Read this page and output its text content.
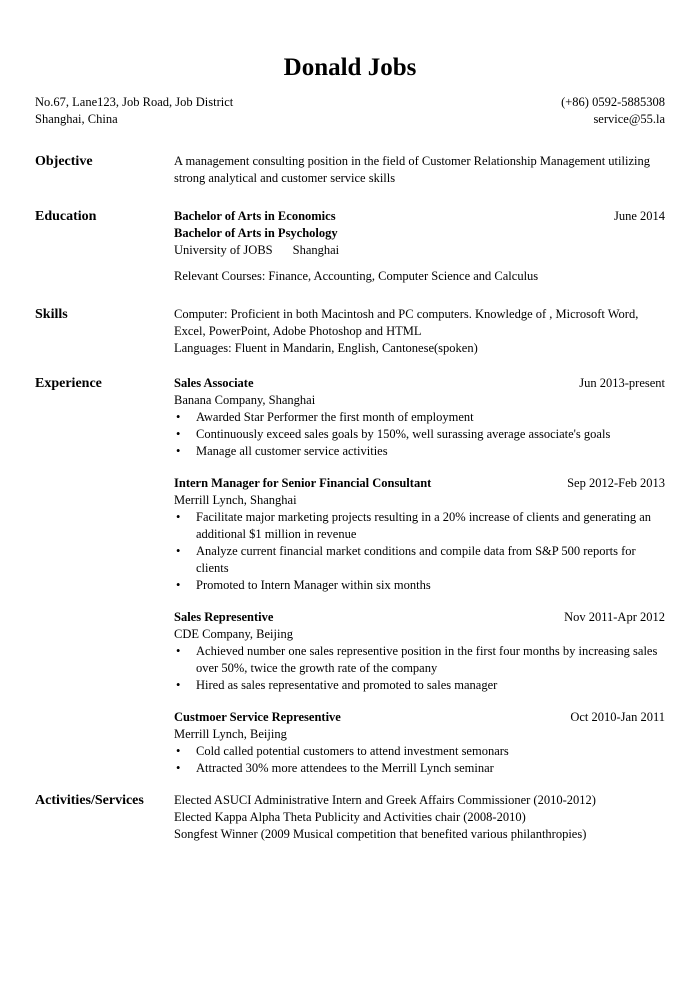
Donald Jobs
No.67, Lane123, Job Road, Job District	(+86) 0592-5885308
Shanghai, China	service@55.la
Objective	A management consulting position in the field of Customer Relationship Management utilizing strong analytical and customer service skills
Education	Bachelor of Arts in Economics	June 2014
Bachelor of Arts in Psychology
University of JOBS Shanghai
Relevant Courses: Finance, Accounting, Computer Science and Calculus
Skills	Computer: Proficient in both Macintosh and PC computers. Knowledge of , Microsoft Word, Excel, PowerPoint, Adobe Photoshop and HTML
Languages: Fluent in Mandarin, English, Cantonese(spoken)
Experience	Sales Associate	Jun 2013-present
Banana Company, Shanghai
• Awarded Star Performer the first month of employment
• Continuously exceed sales goals by 150%, well surassing average associate's goals
• Manage all customer service activities
Intern Manager for Senior Financial Consultant	Sep 2012-Feb 2013
Merrill Lynch, Shanghai
• Facilitate major marketing projects resulting in a 20% increase of clients and generating an additional $1 million in revenue
• Analyze current financial market conditions and compile data from S&P 500 reports for clients
• Promoted to Intern Manager within six months
Sales Representive	Nov 2011-Apr 2012
CDE Company, Beijing
• Achieved number one sales representive position in the first four months by increasing sales over 50%, twice the growth rate of the company
• Hired as sales representative and promoted to sales manager
Custmoer Service Representive	Oct 2010-Jan 2011
Merrill Lynch, Beijing
• Cold called potential customers to attend investment semonars
• Attracted 30% more attendees to the Merrill Lynch seminar
Activities/Services Elected ASUCI Administrative Intern and Greek Affairs Commissioner (2010-2012)
Elected Kappa Alpha Theta Publicity and Activities chair (2008-2010)
Songfest Winner (2009 Musical competition that benefited various philanthropies)
